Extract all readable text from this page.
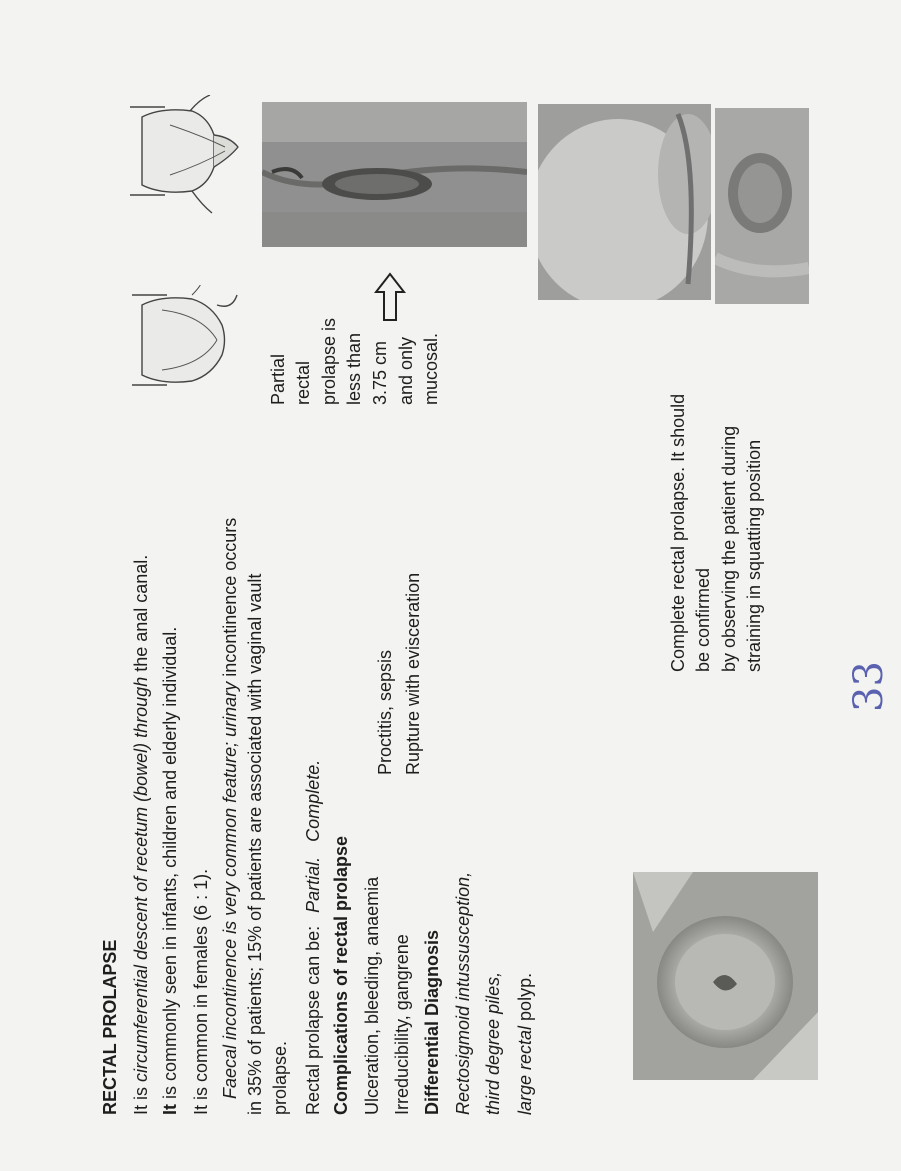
RECTAL PROLAPSE It is circumferential descent of recetum (bowel) through the anal canal.
It is commonly seen in infants, children and elderly individual. It is common in females (6 : 1). Faecal incontinence is very common feature; urinary incontinence occurs in 35% of patients; 15% of patients are associated with vaginal vault prolapse. Rectal prolapse can be: Partial. Complete.
Complications of rectal prolapse Ulceration, bleeding, anaemia Irreducibility, gangrene
Proctitis, sepsis Rupture with evisceration
Differential Diagnosis Rectosigmoid intussusception, third degree piles, large rectal polyp.
Partial rectal prolapse is less than 3.75 cm and only mucosal.
Complete rectal prolapse. It should be confirmed by observing the patient during straining in squatting position
33
